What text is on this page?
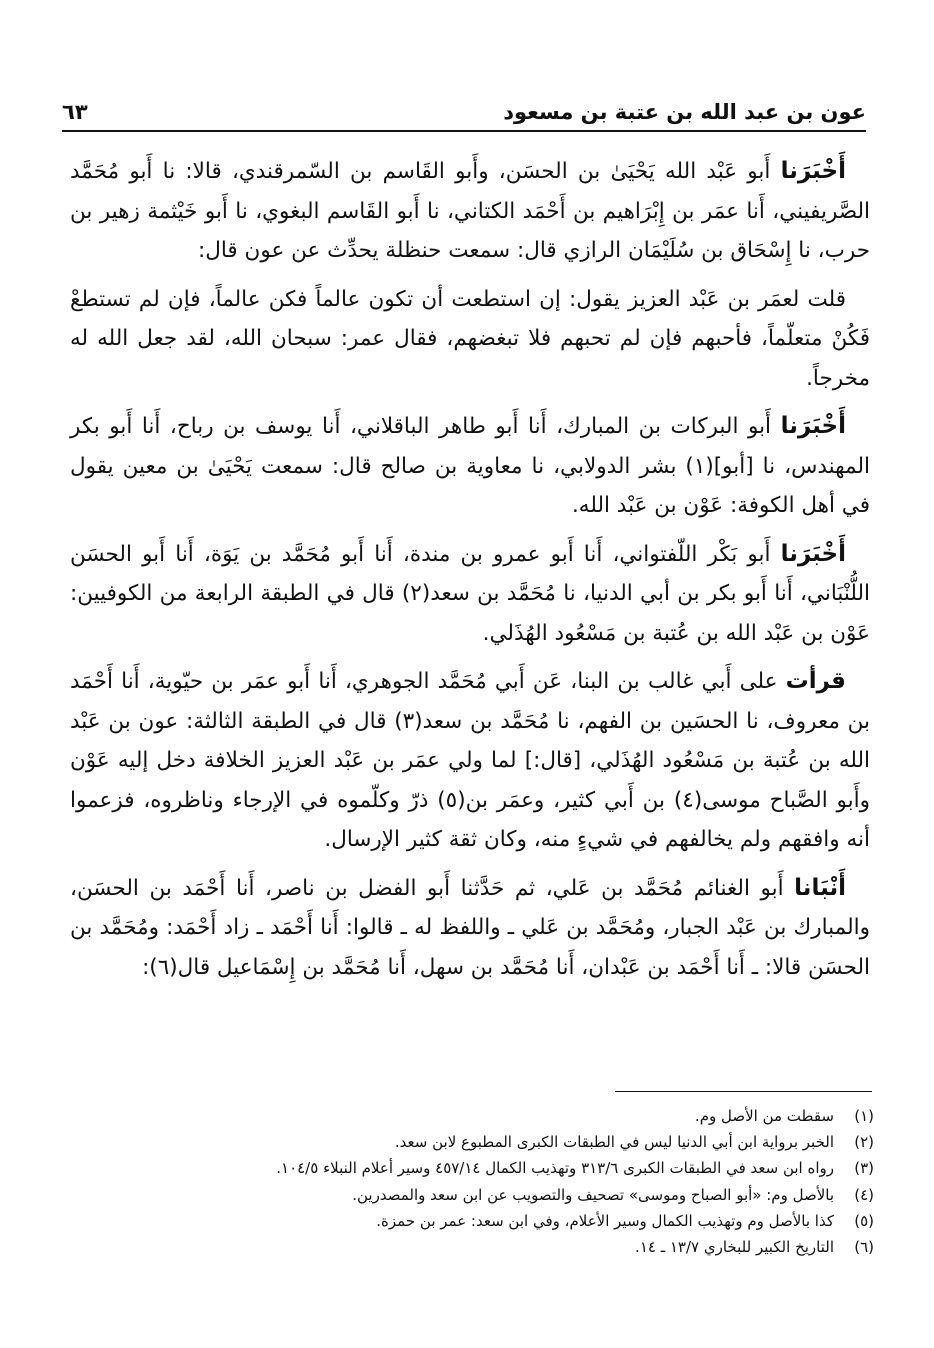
عون بن عبد الله بن عتبة بن مسعود
٦٣

أَخْبَرَنا أَبو عَبْد الله يَحْيَىٰ بن الحسَن، وأَبو القَاسم بن السّمرقندي، قالا: نا أَبو مُحَمَّد الصَّريفيني، أَنا عمَر بن إِبْرَاهيم بن أَحْمَد الكتاني، نا أَبو القَاسم البغوي، نا أَبو خَيْثمة زهير بن حرب، نا إِسْحَاق بن سُلَيْمَان الرازي قال: سمعت حنظلة يحدِّث عن عون قال:

قلت لعمَر بن عَبْد العزيز يقول: إن استطعت أن تكون عالماً فكن عالماً، فإن لم تستطعْ فَكُنْ متعلّماً، فأحبهم فإن لم تحبهم فلا تبغضهم، فقال عمر: سبحان الله، لقد جعل الله له مخرجاً.

أَخْبَرَنا أَبو البركات بن المبارك، أَنا أَبو طاهر الباقلاني، أَنا يوسف بن رباح، أَنا أَبو بكر المهندس، نا [أبو](١) بشر الدولابي، نا معاوية بن صالح قال: سمعت يَحْيَىٰ بن معين يقول في أهل الكوفة: عَوْن بن عَبْد الله.

أَخْبَرَنا أَبو بَكْر اللّفتواني، أَنا أَبو عمرو بن مندة، أَنا أَبو مُحَمَّد بن يَوَة، أَنا أَبو الحسَن اللُّنْبَاني، أَنا أَبو بكر بن أبي الدنيا، نا مُحَمَّد بن سعد(٢) قال في الطبقة الرابعة من الكوفيين: عَوْن بن عَبْد الله بن عُتبة بن مَسْعُود الهُذَلي.

قرأت على أَبي غالب بن البنا، عَن أَبي مُحَمَّد الجوهري، أَنا أَبو عمَر بن حيّوية، أَنا أَحْمَد بن معروف، نا الحسَين بن الفهم، نا مُحَمَّد بن سعد(٣) قال في الطبقة الثالثة: عون بن عَبْد الله بن عُتبة بن مَسْعُود الهُذَلي، [قال:] لما ولي عمَر بن عَبْد العزيز الخلافة دخل إليه عَوْن وأَبو الصَّباح موسى(٤) بن أَبي كثير، وعمَر بن(٥) ذرّ وكلّموه في الإرجاء وناظروه، فزعموا أنه وافقهم ولم يخالفهم في شيءٍ منه، وكان ثقة كثير الإرسال.

أَنْبَانا أَبو الغنائم مُحَمَّد بن عَلي، ثم حَدَّثنا أَبو الفضل بن ناصر، أَنا أَحْمَد بن الحسَن، والمبارك بن عَبْد الجبار، ومُحَمَّد بن عَلي ـ واللفظ له ـ قالوا: أَنا أَحْمَد ـ زاد أَحْمَد: ومُحَمَّد بن الحسَن قالا: ـ أَنا أَحْمَد بن عَبْدان، أَنا مُحَمَّد بن سهل، أَنا مُحَمَّد بن إِسْمَاعيل قال(٦):

(١)
سقطت من الأصل وم.
(٢)
الخبر برواية ابن أبي الدنيا ليس في الطبقات الكبرى المطبوع لابن سعد.
(٣)
رواه ابن سعد في الطبقات الكبرى ٣١٣/٦ وتهذيب الكمال ٤٥٧/١٤ وسير أعلام النبلاء ١٠٤/٥.
(٤)
بالأصل وم: «أبو الصباح وموسى» تصحيف والتصويب عن ابن سعد والمصدرين.
(٥)
كذا بالأصل وم وتهذيب الكمال وسير الأعلام، وفي ابن سعد: عمر بن حمزة.
(٦)
التاريخ الكبير للبخاري ١٣/٧ ـ ١٤.
